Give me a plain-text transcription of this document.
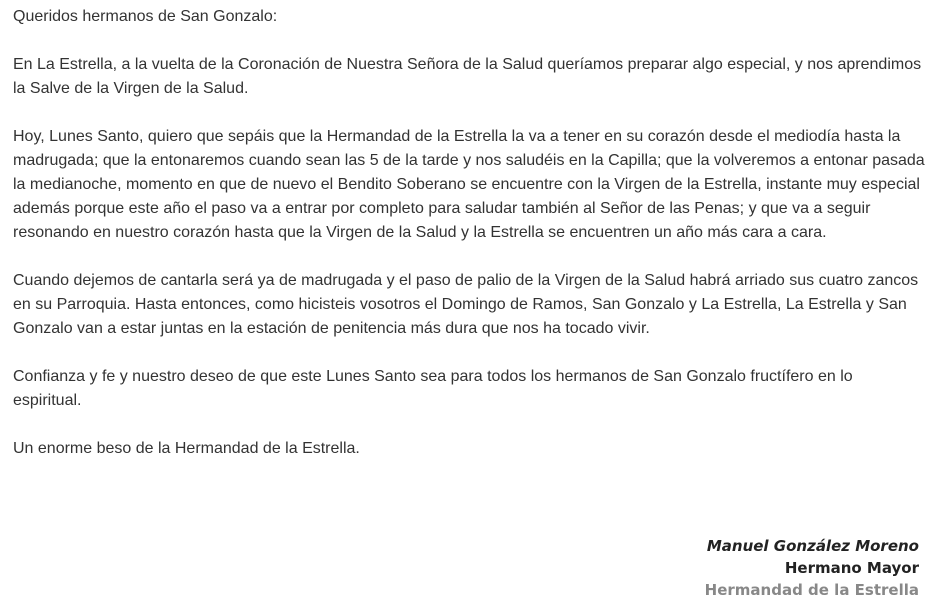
Queridos hermanos de San Gonzalo:

En La Estrella, a la vuelta de la Coronación de Nuestra Señora de la Salud queríamos preparar algo especial, y nos aprendimos la Salve de la Virgen de la Salud.

Hoy, Lunes Santo, quiero que sepáis que la Hermandad de la Estrella la va a tener en su corazón desde el mediodía hasta la madrugada; que la entonaremos cuando sean las 5 de la tarde y nos saludéis en la Capilla; que la volveremos a entonar pasada la medianoche, momento en que de nuevo el Bendito Soberano se encuentre con la Virgen de la Estrella, instante muy especial además porque este año el paso va a entrar por completo para saludar también al Señor de las Penas; y que va a seguir resonando en nuestro corazón hasta que la Virgen de la Salud y la Estrella se encuentren un año más cara a cara.

Cuando dejemos de cantarla será ya de madrugada y el paso de palio de la Virgen de la Salud habrá arriado sus cuatro zancos en su Parroquia. Hasta entonces, como hicisteis vosotros el Domingo de Ramos, San Gonzalo y La Estrella, La Estrella y San Gonzalo van a estar juntas en la estación de penitencia más dura que nos ha tocado vivir.

Confianza y fe y nuestro deseo de que este Lunes Santo sea para todos los hermanos de San Gonzalo fructífero en lo espiritual.

Un enorme beso de la Hermandad de la Estrella.

Manuel González Moreno
Hermano Mayor
Hermandad de la Estrella
